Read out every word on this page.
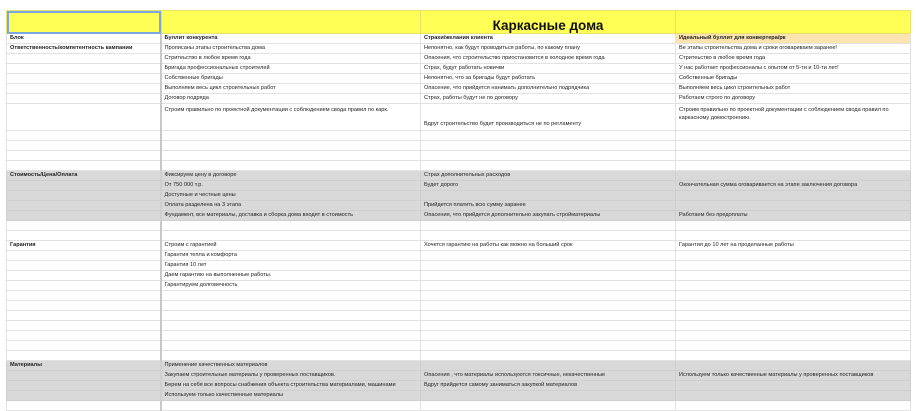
		Каркасные дома	
Блок	Буллит конкурента	Страхи/желания клиента	Идеальный буллит для конвертера/рк
Ответственность/компетентность кампании	Прописаны этапы строительства дома	Непонятно, как будут проводиться работы, по какому плану	Ве этапы строительства дома и сроки оговариваем заранее!
	Стритеьство в любое время года	Опасения, что строительство приостановится в холодное время года	Стритеьство в любое время года
	Бригада профессиональных строителей	Страх, будут работать новички	У нас работает профессионалы с опытом от 5-ти и 10-ти лет!
	Собственные бригады	Непонятно, что за бригады будут работать	Собственные бригады
	Выполняем весь цикл строительных работ	Опасение, что прийдется нанимать дополнительно подрядчика	Выполняем весь цикл строительных работ
	Договор подряда	Страх, работы будут не по договору	Работаем строго по договору
	Строим правильно по проектной документации с соблюдением свода правил по карк.	Вдруг строительство будет производиться не по регламенту	Строим правильно по проектной документации с соблюдением свода правил по каркасному домостроению.

Стоимость/Цена/Оплата	Фиксируем цену в договоре	Страх дополнительных расходов	
	От 750 000 т.р.	Будет дорого	Окончательная сумма оговаривается на этапе заключения договора
	Доступные и честные цены		
	Оплата разделена на 3 этапа	Прийдется платить всю сумму заранее	
	Фундамент, все материалы, доставка и сборка дома входят в стоимость	Опасения, что прийдется дополнительно закупать стройматериалы	Работаем без предоплаты

Гарантия	Строим с гарантией	Хочется гарантию на работы как можно на больший срок	Гарантия до 10 лет на проделанные работы
	Гарантия тепла и комфорта		
	Гарантия 10 лет		
	Даем гарантию на выполненные работы.		
	Гарантируем долговечность		

Материалы	Применение качественных материалов		
	Закупаем строительные материалы у проверенных поставщиков.	Опасения , что материалы используются токсичные, некачественные	Используем только качественные материалы у проверенных поставщиков
	Берем на себя все вопросы снабжения объекта строительства материалами, машинами	Вдруг прийдется самому заниматься закупкой материалов	
	Используем только качественные материалы		
